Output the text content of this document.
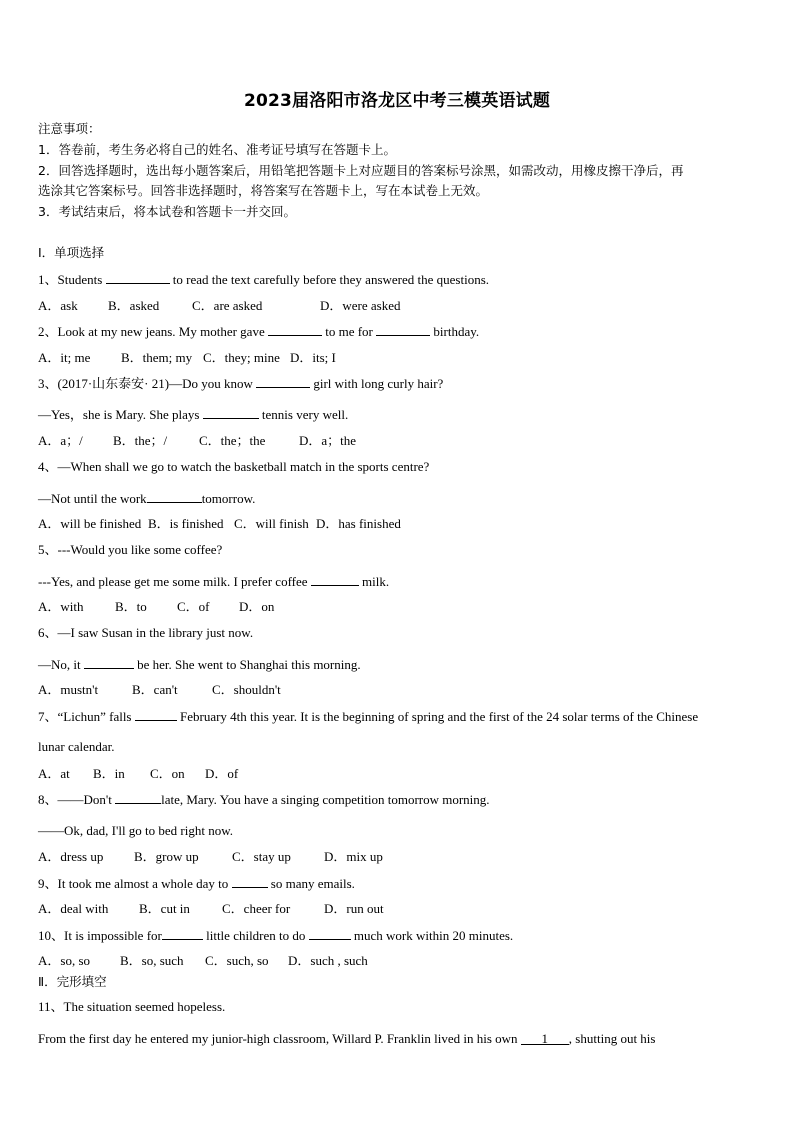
2023届洛阳市洛龙区中考三模英语试题
注意事项：
1．答卷前，考生务必将自己的姓名、准考证号填写在答题卡上。
2．回答选择题时，选出每小题答案后，用铅笔把答题卡上对应题目的答案标号涂黑，如需改动，用橡皮擦干净后，再
选涂其它答案标号。回答非选择题时，将答案写在答题卡上，写在本试卷上无效。
3．考试结束后，将本试卷和答题卡一并交回。
Ⅰ．单项选择
1、Students	to read the text carefully before they answered the questions.
A．ask B．asked	C．are asked	D．were asked
2、Look at my new jeans. My mother gave	to me for	birthday.
A．it; me B．them; my C．they; mine D．its; I
3、(2017·山东泰安· 21)—Do you know	girl with long curly hair?
—Yes，she is Mary. She plays	tennis very well.
A．a；/ B．the；/ C．the；the	D．a；the
4、—When shall we go to watch the basketball match in the sports centre?
—Not until the work	tomorrow.
A．will be finished B．is finished C．will finish D．has finished
5、---Would you like some coffee?
---Yes, and please get me some milk. I prefer coffee	milk.
A．with B．to C．of D．on
6、—I saw Susan in the library just now.
—No, it	be her. She went to Shanghai this morning.
A．mustn't	B．can't	C．shouldn't
7、“Lichun” falls	February 4th this year. It is the beginning of spring and the first of the 24 solar terms of the Chinese
lunar calendar.
A．at B．in C．on D．of
8、——Don't	late, Mary. You have a singing competition tomorrow morning.
——Ok, dad, I'll go to bed right now.
A．dress up B．grow up	C．stay up	D．mix up
9、It took me almost a whole day to	so many emails.
A．deal with B．cut in C．cheer for	D．run out
10、It is impossible for	little children to do	much work within 20 minutes.
A．so, so B．so, such C．such, so D．such , such
Ⅱ．完形填空
11、The situation seemed hopeless.
From the first day he entered my junior-high classroom, Willard P. Franklin lived in his own 1 , shutting out his
